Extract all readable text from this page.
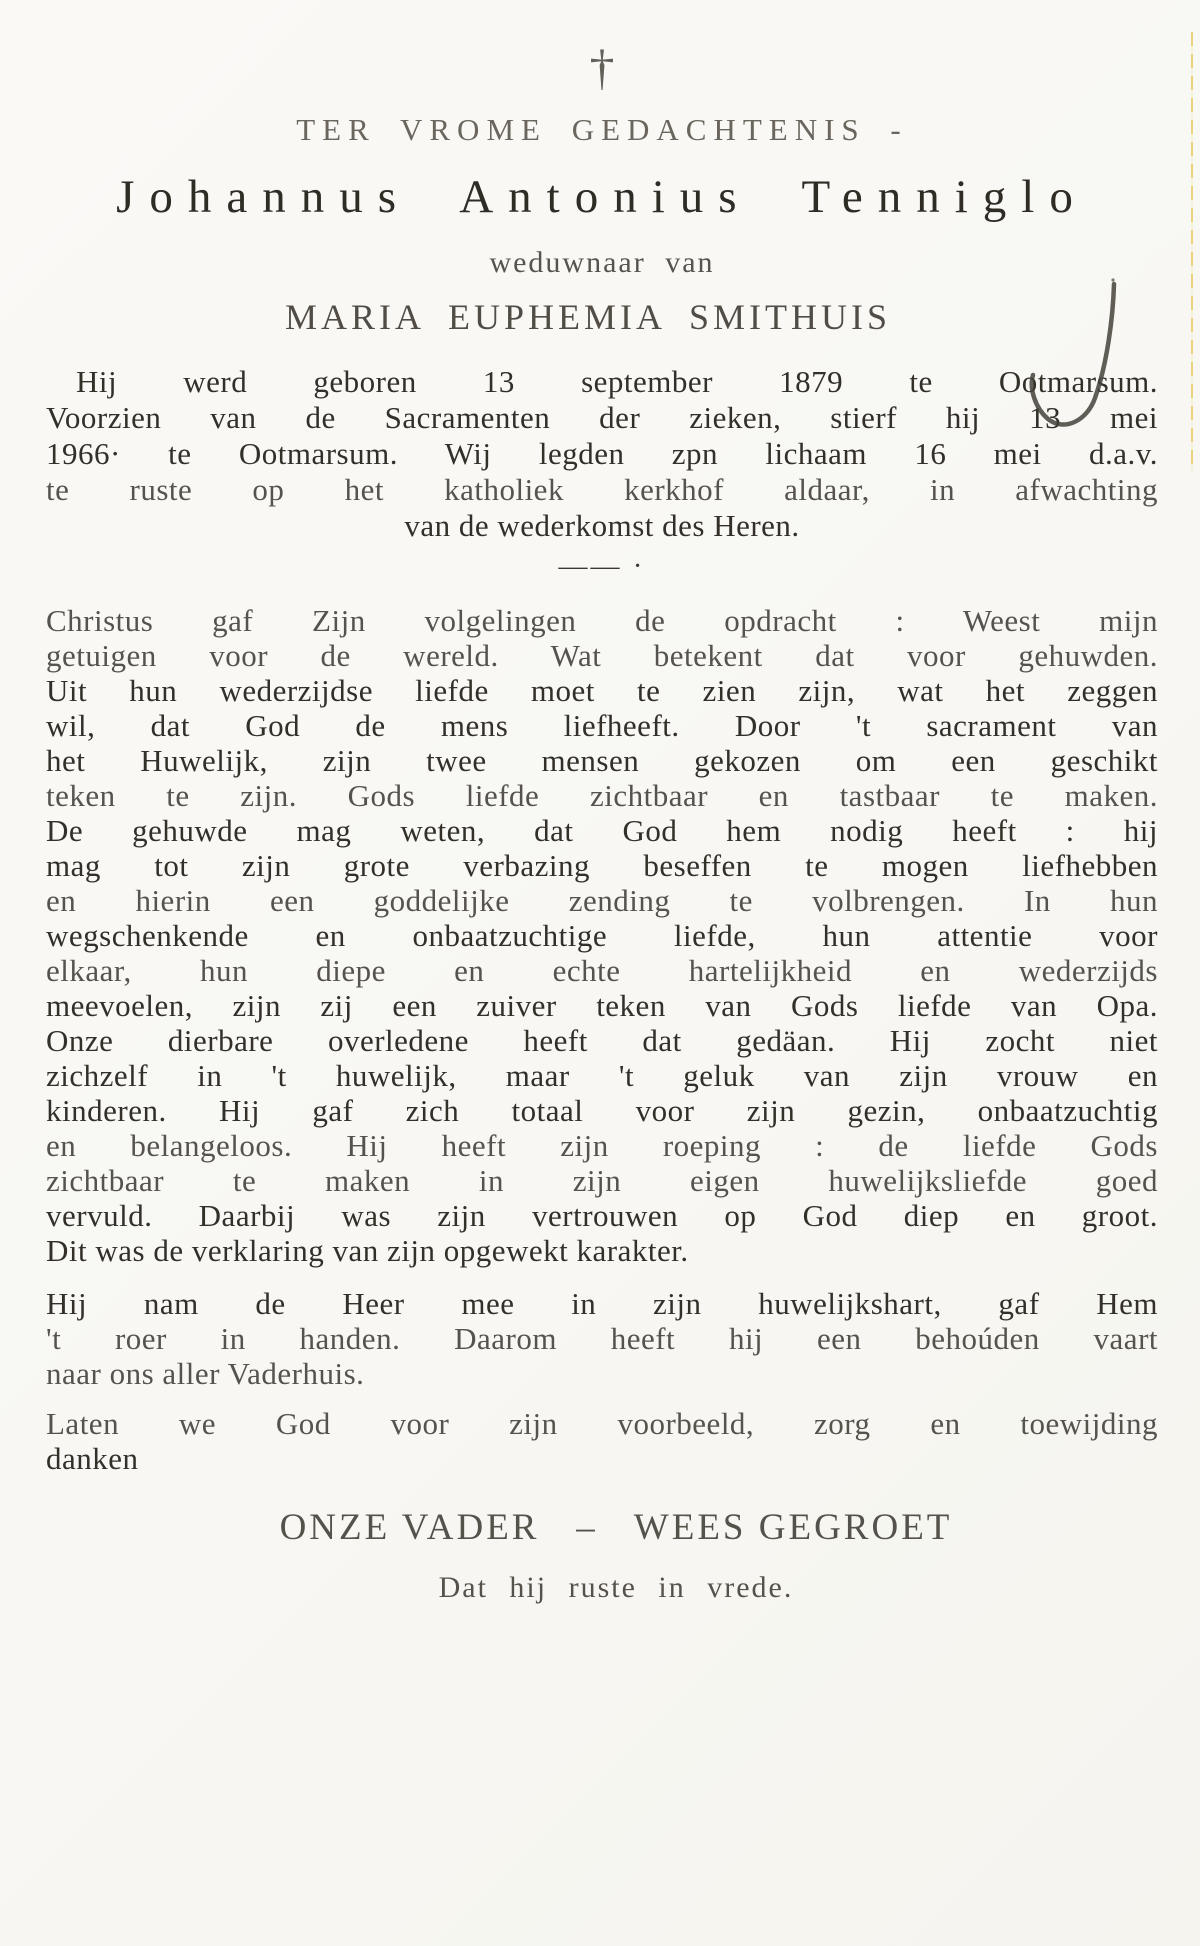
†
TER VROME GEDACHTENIS -
Johannus Antonius Tenniglo
weduwnaar van
MARIA EUPHEMIA SMITHUIS
Hij werd geboren 13 september 1879 te Ootmarsum.
Voorzien van de Sacramenten der zieken, stierf hij 13 mei
1966· te Ootmarsum. Wij legden zpn lichaam 16 mei d.a.v.
te ruste op het katholiek kerkhof aldaar, in afwachting
van de wederkomst des Heren.
—— ·
Christus gaf Zijn volgelingen de opdracht : Weest mijn
getuigen voor de wereld. Wat betekent dat voor gehuwden.
Uit hun wederzijdse liefde moet te zien zijn, wat het zeggen
wil, dat God de mens liefheeft. Door 't sacrament van
het Huwelijk, zijn twee mensen gekozen om een geschikt
teken te zijn. Gods liefde zichtbaar en tastbaar te maken.
De gehuwde mag weten, dat God hem nodig heeft : hij
mag tot zijn grote verbazing beseffen te mogen liefhebben
en hierin een goddelijke zending te volbrengen. In hun
wegschenkende en onbaatzuchtige liefde, hun attentie voor
elkaar, hun diepe en echte hartelijkheid en wederzijds
meevoelen, zijn zij een zuiver teken van Gods liefde van Opa.
Onze dierbare overledene heeft dat gedäan. Hij zocht niet
zichzelf in 't huwelijk, maar 't geluk van zijn vrouw en
kinderen. Hij gaf zich totaal voor zijn gezin, onbaatzuchtig
en belangeloos. Hij heeft zijn roeping : de liefde Gods
zichtbaar te maken in zijn eigen huwelijksliefde goed
vervuld. Daarbij was zijn vertrouwen op God diep en groot.
Dit was de verklaring van zijn opgewekt karakter.
Hij nam de Heer mee in zijn huwelijkshart, gaf Hem
't roer in handen. Daarom heeft hij een behoúden vaart
naar ons aller Vaderhuis.
Laten we God voor zijn voorbeeld, zorg en toewijding
danken
ONZE VADER   –   WEES GEGROET
Dat hij ruste in vrede.
